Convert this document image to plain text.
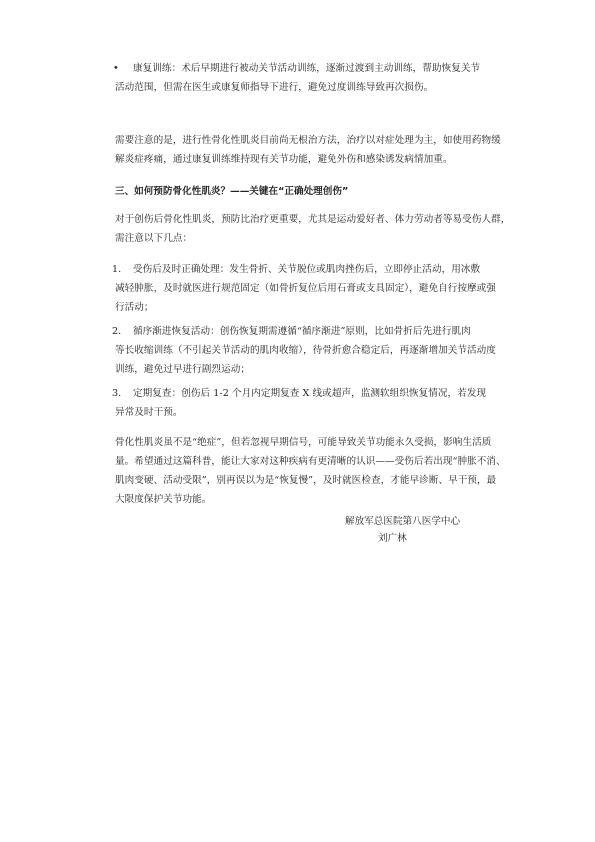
• 康复训练：术后早期进行被动关节活动训练，逐渐过渡到主动训练，帮助恢复关节
活动范围，但需在医生或康复师指导下进行，避免过度训练导致再次损伤。
需要注意的是，进行性骨化性肌炎目前尚无根治方法，治疗以对症处理为主，如使用药物缓
解炎症疼痛，通过康复训练维持现有关节功能，避免外伤和感染诱发病情加重。
三、如何预防骨化性肌炎？——关键在“正确处理创伤”
对于创伤后骨化性肌炎，预防比治疗更重要，尤其是运动爱好者、体力劳动者等易受伤人群，
需注意以下几点：
1. 受伤后及时正确处理：发生骨折、关节脱位或肌肉挫伤后，立即停止活动，用冰敷
减轻肿胀，及时就医进行规范固定（如骨折复位后用石膏或支具固定），避免自行按摩或强
行活动；
2. 循序渐进恢复活动：创伤恢复期需遵循“循序渐进”原则，比如骨折后先进行肌肉
等长收缩训练（不引起关节活动的肌肉收缩），待骨折愈合稳定后，再逐渐增加关节活动度
训练，避免过早进行剧烈运动；
3. 定期复查：创伤后 1-2 个月内定期复查 X 线或超声，监测软组织恢复情况，若发现
异常及时干预。
骨化性肌炎虽不是“绝症”，但若忽视早期信号，可能导致关节功能永久受损，影响生活质
量。希望通过这篇科普，能让大家对这种疾病有更清晰的认识——受伤后若出现“肿胀不消、
肌肉变硬、活动受限”，别再误以为是“恢复慢”，及时就医检查，才能早诊断、早干预，最
大限度保护关节功能。
解放军总医院第八医学中心
刘广林
